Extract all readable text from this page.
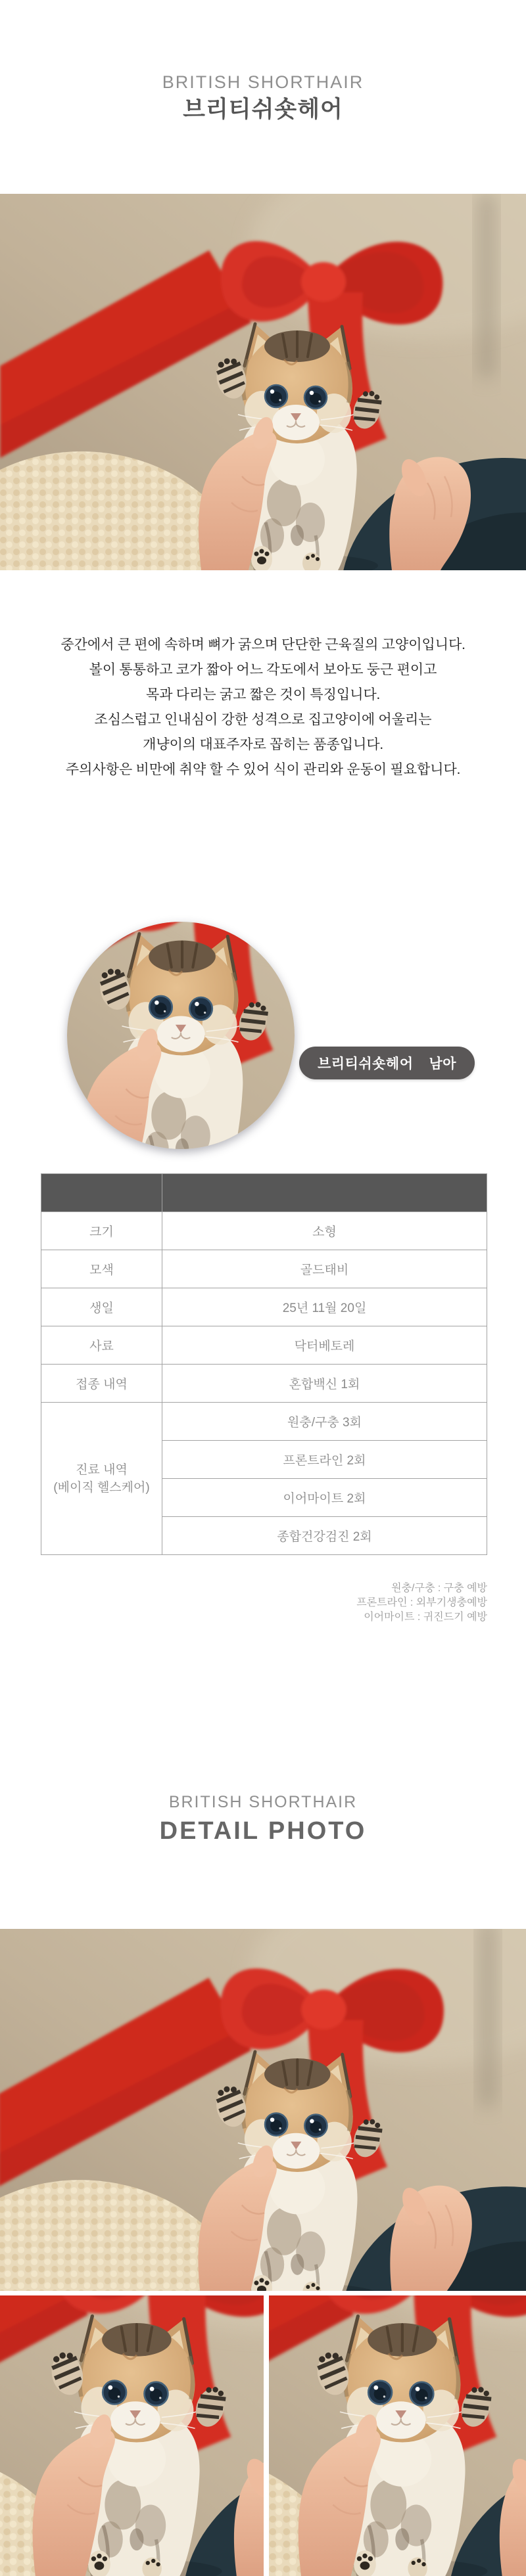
BRITISH SHORTHAIR
브리티쉬숏헤어

중간에서 큰 편에 속하며 뼈가 굵으며 단단한 근육질의 고양이입니다.

볼이 통통하고 코가 짧아 어느 각도에서 보아도 둥근 편이고

목과 다리는 굵고 짧은 것이 특징입니다.

조심스럽고 인내심이 강한 성격으로 집고양이에 어울리는

개냥이의 대표주자로 꼽히는 품종입니다.

주의사항은 비만에 취약 할 수 있어 식이 관리와 운동이 필요합니다.

브리티쉬숏헤어 남아

크기	소형
모색	골드태비
생일	25년 11월 20일
사료	닥터베토레
접종 내역	혼합백신 1회

진료 내역
(베이직 헬스케어)	원충/구충 3회
	프론트라인 2회
	이어마이트 2회
	종합건강검진 2회

원충/구충 : 구충 예방

프론트라인 : 외부기생충예방

이어마이트 : 귀진드기 예방

BRITISH SHORTHAIR
DETAIL PHOTO
